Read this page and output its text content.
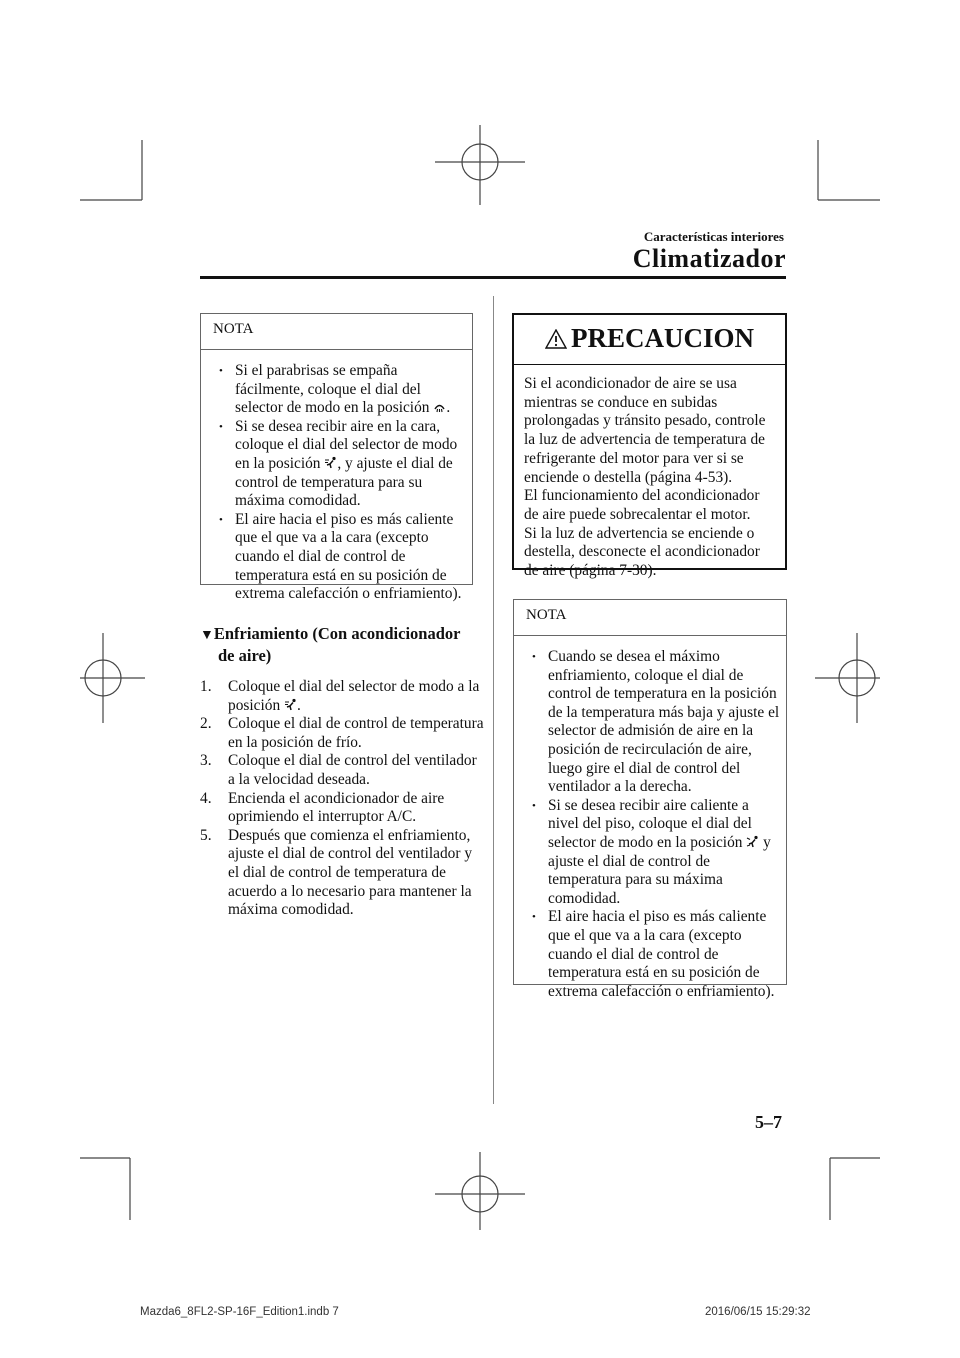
Características interiores
Climatizador
NOTA
• Si el parabrisas se empaña fácilmente, coloque el dial del selector de modo en la posición .
• Si se desea recibir aire en la cara, coloque el dial del selector de modo en la posición , y ajuste el dial de control de temperatura para su máxima comodidad.
• El aire hacia el piso es más caliente que el que va a la cara (excepto cuando el dial de control de temperatura está en su posición de extrema calefacción o enfriamiento).
▼Enfriamiento (Con acondicionador
de aire)
1. Coloque el dial del selector de modo a la posición .
2. Coloque el dial de control de temperatura en la posición de frío.
3. Coloque el dial de control del ventilador a la velocidad deseada.
4. Encienda el acondicionador de aire oprimiendo el interruptor A/C.
5. Después que comienza el enfriamiento, ajuste el dial de control del ventilador y el dial de control de temperatura de acuerdo a lo necesario para mantener la máxima comodidad.
PRECAUCION
Si el acondicionador de aire se usa mientras se conduce en subidas prolongadas y tránsito pesado, controle la luz de advertencia de temperatura de refrigerante del motor para ver si se enciende o destella (página 4-53).
El funcionamiento del acondicionador de aire puede sobrecalentar el motor.
Si la luz de advertencia se enciende o destella, desconecte el acondicionador de aire (página 7-30).
NOTA
• Cuando se desea el máximo enfriamiento, coloque el dial de control de temperatura en la posición de la temperatura más baja y ajuste el selector de admisión de aire en la posición de recirculación de aire, luego gire el dial de control del ventilador a la derecha.
• Si se desea recibir aire caliente a nivel del piso, coloque el dial del selector de modo en la posición  y ajuste el dial de control de temperatura para su máxima comodidad.
• El aire hacia el piso es más caliente que el que va a la cara (excepto cuando el dial de control de temperatura está en su posición de extrema calefacción o enfriamiento).
5–7
Mazda6_8FL2-SP-16F_Edition1.indb 7	2016/06/15 15:29:32
